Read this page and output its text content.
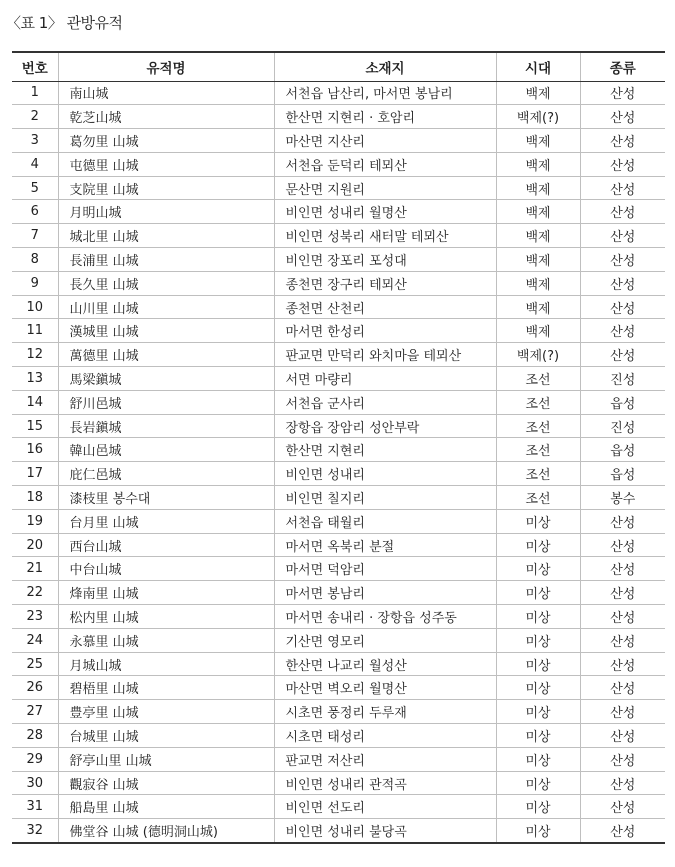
〈표 1〉 관방유적
번호	유적명	소재지	시대	종류
1	南山城	서천읍 남산리, 마서면 봉남리	백제	산성
2	乾芝山城	한산면 지현리 · 호암리	백제(?)	산성
3	葛勿里 山城	마산면 지산리	백제	산성
4	屯德里 山城	서천읍 둔덕리 테뫼산	백제	산성
5	支院里 山城	문산면 지원리	백제	산성
6	月明山城	비인면 성내리 월명산	백제	산성
7	城北里 山城	비인면 성북리 새터말 테뫼산	백제	산성
8	長浦里 山城	비인면 장포리 포성대	백제	산성
9	長久里 山城	종천면 장구리 테뫼산	백제	산성
10	山川里 山城	종천면 산천리	백제	산성
11	漢城里 山城	마서면 한성리	백제	산성
12	萬德里 山城	판교면 만덕리 와치마을 테뫼산	백제(?)	산성
13	馬梁鎭城	서면 마량리	조선	진성
14	舒川邑城	서천읍 군사리	조선	읍성
15	長岩鎭城	장항읍 장암리 성안부락	조선	진성
16	韓山邑城	한산면 지현리	조선	읍성
17	庇仁邑城	비인면 성내리	조선	읍성
18	漆枝里 봉수대	비인면 칠지리	조선	봉수
19	台月里 山城	서천읍 태월리	미상	산성
20	西台山城	마서면 옥북리 분절	미상	산성
21	中台山城	마서면 덕암리	미상	산성
22	烽南里 山城	마서면 봉남리	미상	산성
23	松内里 山城	마서면 송내리 · 장항읍 성주동	미상	산성
24	永慕里 山城	기산면 영모리	미상	산성
25	月城山城	한산면 나교리 월성산	미상	산성
26	碧梧里 山城	마산면 벽오리 월명산	미상	산성
27	豊亭里 山城	시초면 풍정리 두루재	미상	산성
28	台城里 山城	시초면 태성리	미상	산성
29	舒亭山里 山城	판교면 저산리	미상	산성
30	觀寂谷 山城	비인면 성내리 관적곡	미상	산성
31	船島里 山城	비인면 선도리	미상	산성
32	佛堂谷 山城 (德明洞山城)	비인면 성내리 불당곡	미상	산성
